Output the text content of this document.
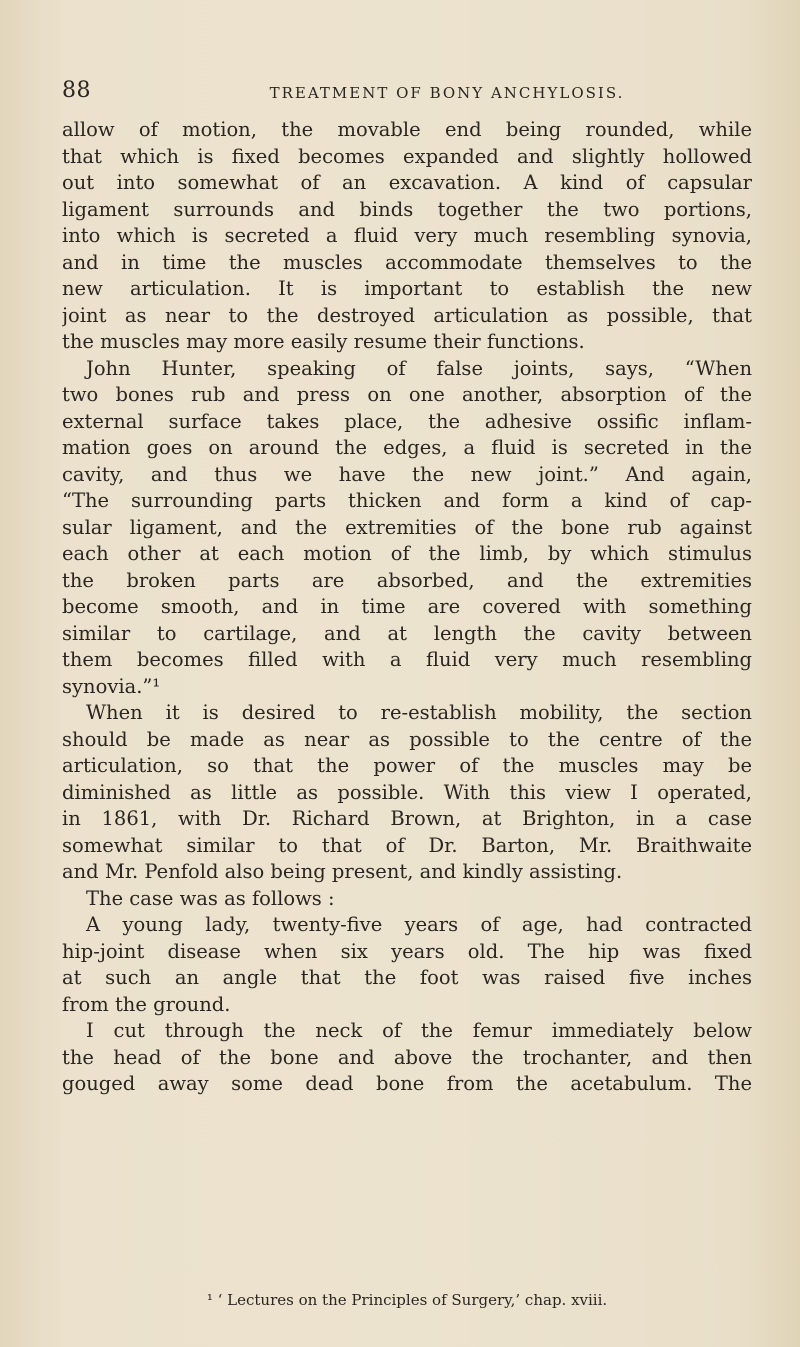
88	TREATMENT OF BONY ANCHYLOSIS.
allow of motion, the movable end being rounded, while
that which is fixed becomes expanded and slightly hollowed
out into somewhat of an excavation. A kind of capsular
ligament surrounds and binds together the two portions,
into which is secreted a fluid very much resembling synovia,
and in time the muscles accommodate themselves to the
new articulation. It is important to establish the new
joint as near to the destroyed articulation as possible, that
the muscles may more easily resume their functions.
John Hunter, speaking of false joints, says, “When
two bones rub and press on one another, absorption of the
external surface takes place, the adhesive ossific inflam-
mation goes on around the edges, a fluid is secreted in the
cavity, and thus we have the new joint.” And again,
“The surrounding parts thicken and form a kind of cap-
sular ligament, and the extremities of the bone rub against
each other at each motion of the limb, by which stimulus
the broken parts are absorbed, and the extremities
become smooth, and in time are covered with something
similar to cartilage, and at length the cavity between
them becomes filled with a fluid very much resembling
synovia.”¹
When it is desired to re-establish mobility, the section
should be made as near as possible to the centre of the
articulation, so that the power of the muscles may be
diminished as little as possible. With this view I operated,
in 1861, with Dr. Richard Brown, at Brighton, in a case
somewhat similar to that of Dr. Barton, Mr. Braithwaite
and Mr. Penfold also being present, and kindly assisting.
The case was as follows :
A young lady, twenty-five years of age, had contracted
hip-joint disease when six years old. The hip was fixed
at such an angle that the foot was raised five inches
from the ground.
I cut through the neck of the femur immediately below
the head of the bone and above the trochanter, and then
gouged away some dead bone from the acetabulum. The
¹ ‘ Lectures on the Principles of Surgery,’ chap. xviii.
